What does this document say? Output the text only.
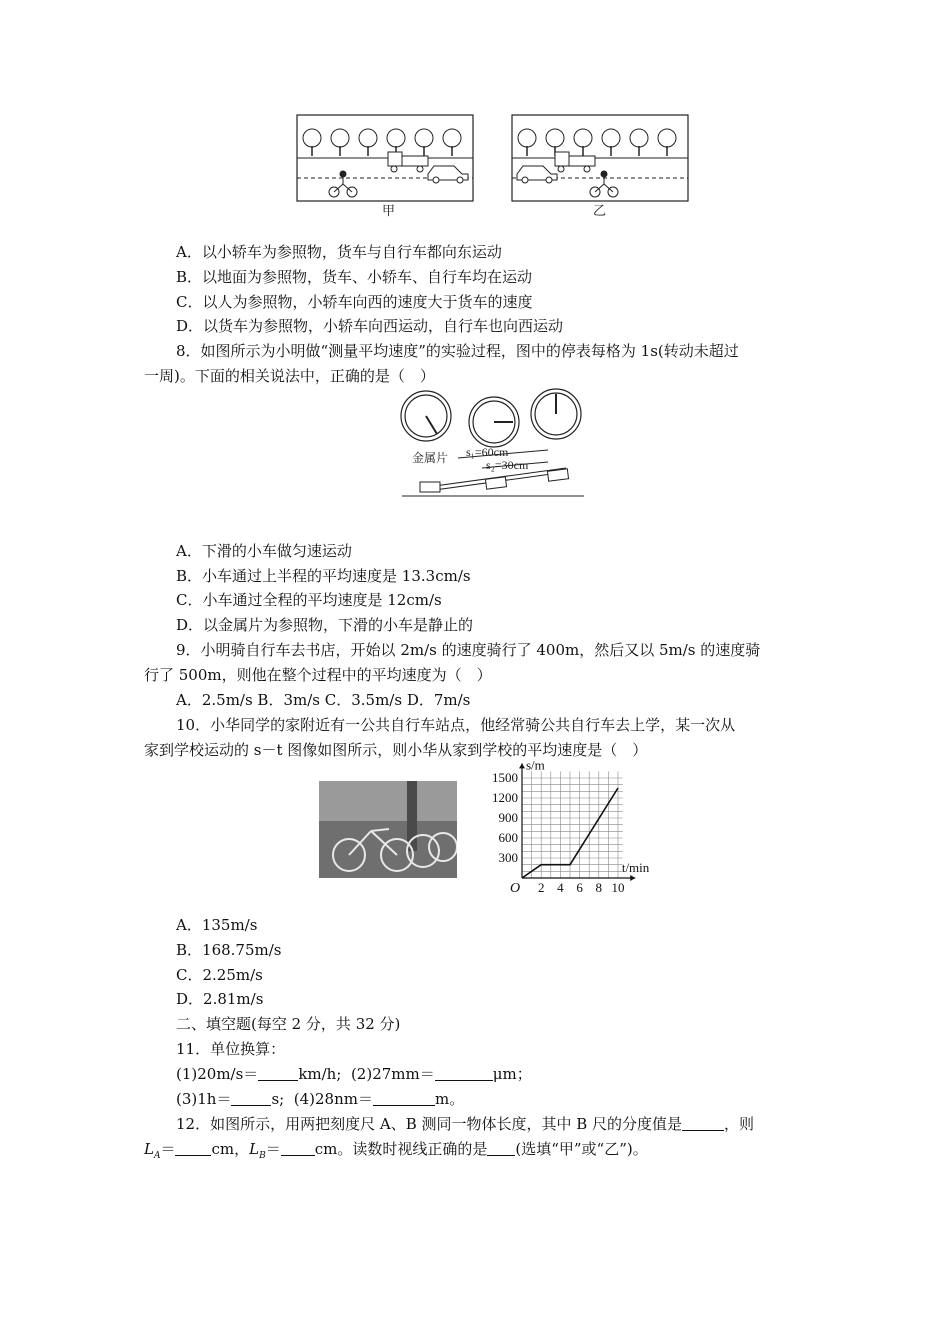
甲	乙
A．以小轿车为参照物，货车与自行车都向东运动
B．以地面为参照物，货车、小轿车、自行车均在运动
C．以人为参照物，小轿车向西的速度大于货车的速度
D．以货车为参照物，小轿车向西运动，自行车也向西运动
8．如图所示为小明做“测量平均速度”的实验过程，图中的停表每格为 1s(转动未超过
一周)。下面的相关说法中，正确的是（　）
金属片 s₁=60cm
s₂=30cm
A．下滑的小车做匀速运动
B．小车通过上半程的平均速度是 13.3cm/s
C．小车通过全程的平均速度是 12cm/s
D．以金属片为参照物，下滑的小车是静止的
9．小明骑自行车去书店，开始以 2m/s 的速度骑行了 400m，然后又以 5m/s 的速度骑
行了 500m，则他在整个过程中的平均速度为（　）
A．2.5m/s B．3m/s C．3.5m/s D．7m/s
10．小华同学的家附近有一公共自行车站点，他经常骑公共自行车去上学，某一次从
家到学校运动的 s－t 图像如图所示，则小华从家到学校的平均速度是（　）
2 4 6 8 10
300
600
900
1200
1500
O
s/m
t/min
A．135m/s
B．168.75m/s
C．2.25m/s
D．2.81m/s
二、填空题(每空 2 分，共 32 分)
11．单位换算：
(1)20m/s＝	km/h; (2)27mm＝	μm；
(3)1h＝	s; (4)28nm＝	m。
12．如图所示，用两把刻度尺 A、B 测同一物体长度，其中 B 尺的分度值是	，则
$L_A=$ cm，$L_B=$ cm。读数时视线正确的是 (选填“甲”或“乙”)。
